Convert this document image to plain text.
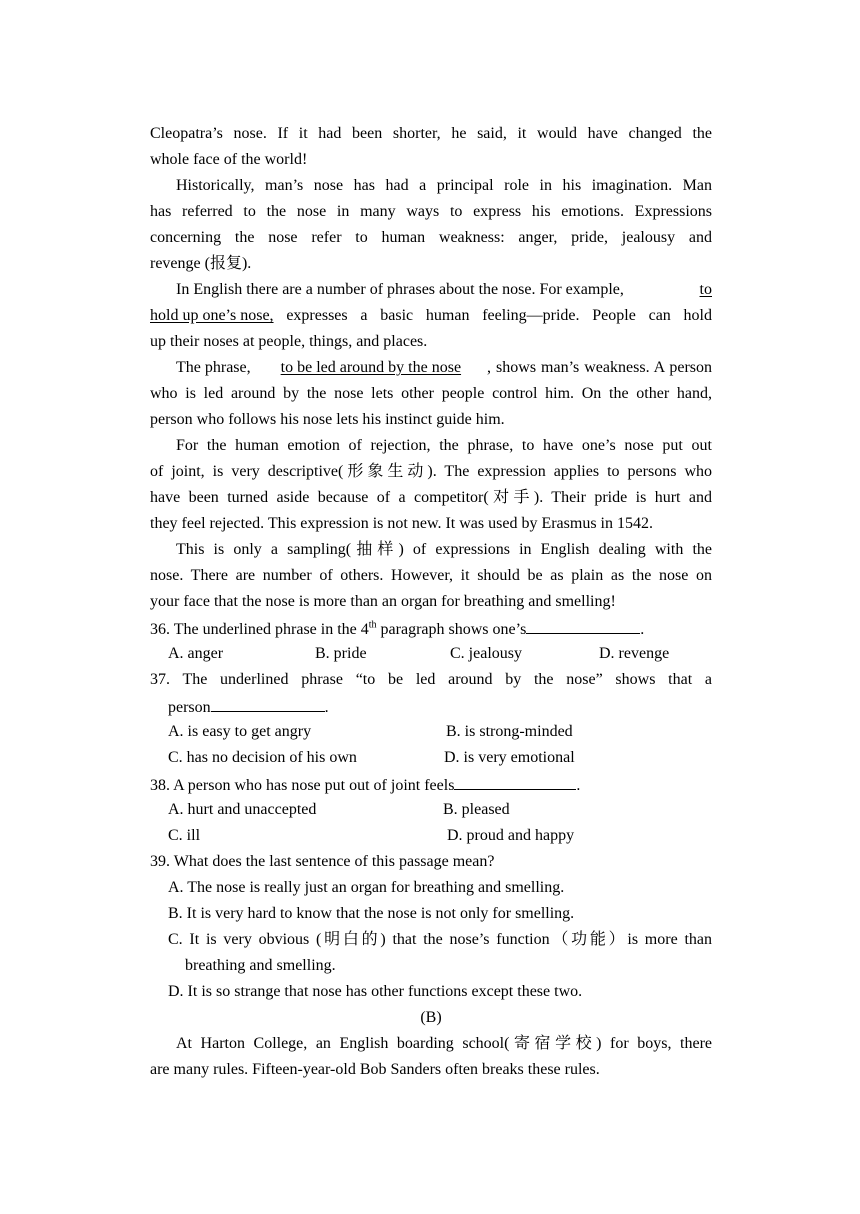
Cleopatra’s nose. If it had been shorter, he said, it would have changed the
whole face of the world!
Historically, man’s nose has had a principal role in his imagination. Man
has referred to the nose in many ways to express his emotions. Expressions
concerning the nose refer to human weakness: anger, pride, jealousy and
revenge (报复).
In English there are a number of phrases about the nose. For example,	to
hold up one’s nose, expresses a basic human feeling—pride. People can hold
up their noses at people, things, and places.
The phrase,	to be led around by the nose	, shows man’s weakness. A person
who is led around by the nose lets other people control him. On the other hand,
person who follows his nose lets his instinct guide him.
For the human emotion of rejection, the phrase, to have one’s nose put out
of joint, is very descriptive(形象生动). The expression applies to persons who
have been turned aside because of a competitor(对手). Their pride is hurt and
they feel rejected. This expression is not new. It was used by Erasmus in 1542.
This is only a sampling(抽样) of expressions in English dealing with the
nose. There are number of others. However, it should be as plain as the nose on
your face that the nose is more than an organ for breathing and smelling!
36. The underlined phrase in the 4th paragraph shows one’s	.
A. anger	B. pride	C. jealousy	D. revenge
37. The underlined phrase “to be led around by the nose” shows that a
person	.
A. is easy to get angry	B. is strong-minded
C. has no decision of his own	D. is very emotional
38. A person who has nose put out of joint feels	.
A. hurt and unaccepted	B. pleased
C. ill	D. proud and happy
39. What does the last sentence of this passage mean?
A. The nose is really just an organ for breathing and smelling.
B. It is very hard to know that the nose is not only for smelling.
C. It is very obvious (明白的) that the nose’s function（功能）is more than
breathing and smelling.
D. It is so strange that nose has other functions except these two.
(B)
At Harton College, an English boarding school(寄宿学校) for boys, there
are many rules. Fifteen-year-old Bob Sanders often breaks these rules.
